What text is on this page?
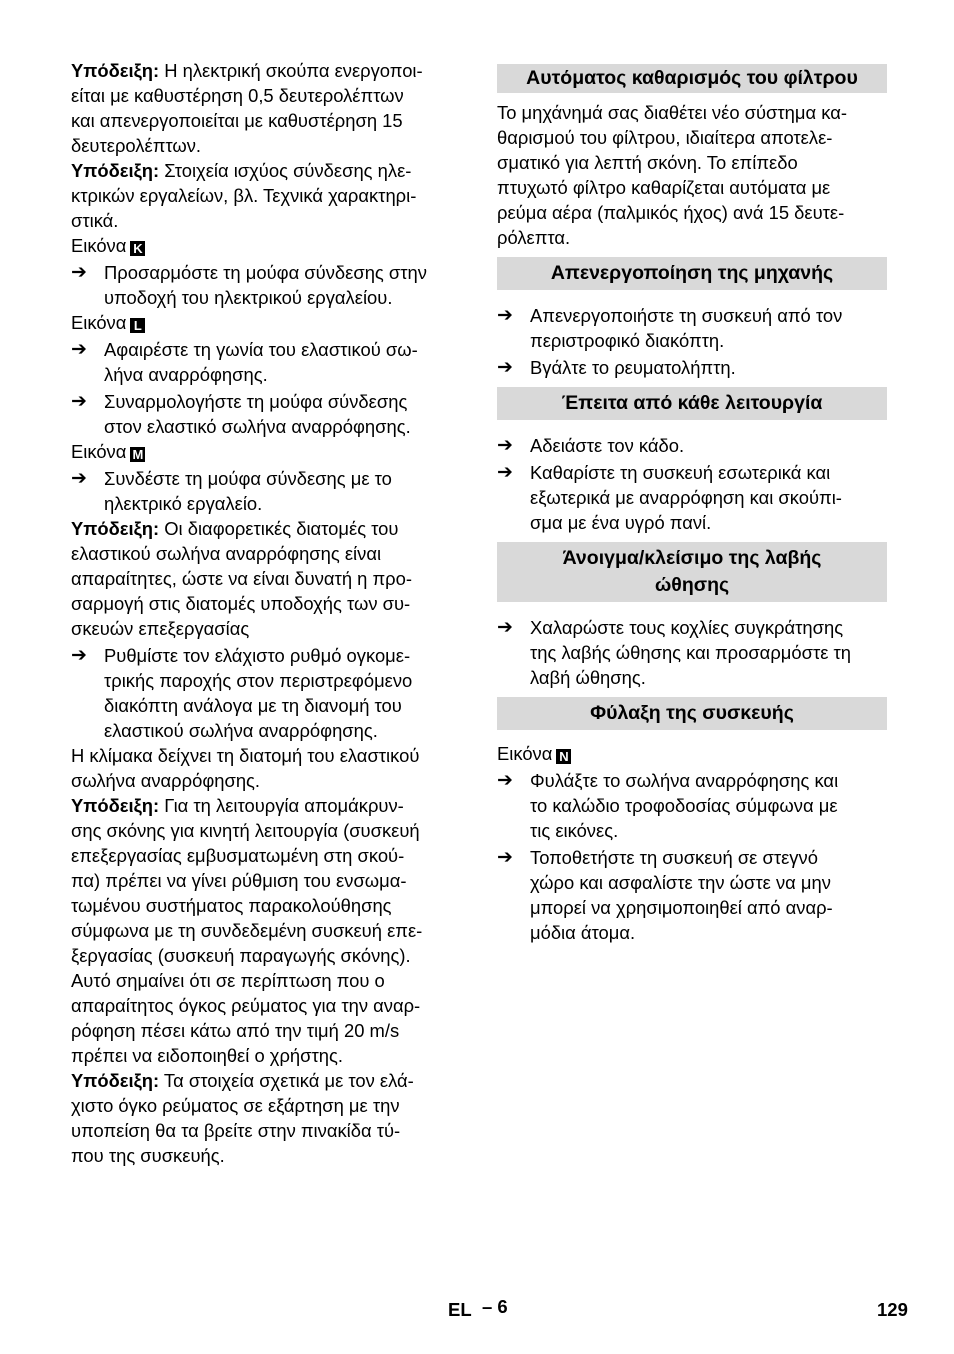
Υπόδειξη: Η ηλεκτρική σκούπα ενεργοποι-
είται με καθυστέρηση 0,5 δευτερολέπτων
και απενεργοποιείται με καθυστέρηση 15
δευτερολέπτων.

Υπόδειξη: Στοιχεία ισχύος σύνδεσης ηλε-
κτρικών εργαλείων, βλ. Τεχνικά χαρακτηρι-
στικά.

Εικόνα K

➔ Προσαρμόστε τη μούφα σύνδεσης στην
υποδοχή του ηλεκτρικού εργαλείου.

Εικόνα L

➔ Αφαιρέστε τη γωνία του ελαστικού σω-
λήνα αναρρόφησης.

➔ Συναρμολογήστε τη μούφα σύνδεσης
στον ελαστικό σωλήνα αναρρόφησης.

Εικόνα M

➔ Συνδέστε τη μούφα σύνδεσης με το
ηλεκτρικό εργαλείο.

Υπόδειξη: Οι διαφορετικές διατομές του
ελαστικού σωλήνα αναρρόφησης είναι
απαραίτητες, ώστε να είναι δυνατή η προ-
σαρμογή στις διατομές υποδοχής των συ-
σκευών επεξεργασίας

➔ Ρυθμίστε τον ελάχιστο ρυθμό ογκομε-
τρικής παροχής στον περιστρεφόμενο
διακόπτη ανάλογα με τη διανομή του
ελαστικού σωλήνα αναρρόφησης.

Η κλίμακα δείχνει τη διατομή του ελαστικού
σωλήνα αναρρόφησης.

Υπόδειξη: Για τη λειτουργία απομάκρυν-
σης σκόνης για κινητή λειτουργία (συσκευή
επεξεργασίας εμβυσματωμένη στη σκού-
πα) πρέπει να γίνει ρύθμιση του ενσωμα-
τωμένου συστήματος παρακολούθησης
σύμφωνα με τη συνδεδεμένη συσκευή επε-
ξεργασίας (συσκευή παραγωγής σκόνης).
Αυτό σημαίνει ότι σε περίπτωση που ο
απαραίτητος όγκος ρεύματος για την αναρ-
ρόφηση πέσει κάτω από την τιμή 20 m/s
πρέπει να ειδοποιηθεί ο χρήστης.

Υπόδειξη: Τα στοιχεία σχετικά με τον ελά-
χιστο όγκο ρεύματος σε εξάρτηση με την
υποπείση θα τα βρείτε στην πινακίδα τύ-
που της συσκευής.

Αυτόματος καθαρισμός του φίλτρου

Το μηχάνημά σας διαθέτει νέο σύστημα κα-
θαρισμού του φίλτρου, ιδιαίτερα αποτελε-
σματικό για λεπτή σκόνη. Το επίπεδο
πτυχωτό φίλτρο καθαρίζεται αυτόματα με
ρεύμα αέρα (παλμικός ήχος) ανά 15 δευτε-
ρόλεπτα.

Απενεργοποίηση της μηχανής
➔ Απενεργοποιήστε τη συσκευή από τον
περιστροφικό διακόπτη.

➔ Βγάλτε το ρευματολήπτη.

Έπειτα από κάθε λειτουργία
➔ Αδειάστε τον κάδο.

➔ Καθαρίστε τη συσκευή εσωτερικά και
εξωτερικά με αναρρόφηση και σκούπι-
σμα με ένα υγρό πανί.

Άνοιγμα/κλείσιμο της λαβής
ώθησης
➔ Χαλαρώστε τους κοχλίες συγκράτησης
της λαβής ώθησης και προσαρμόστε τη
λαβή ώθησης.

Φύλαξη της συσκευής

Εικόνα N

➔ Φυλάξτε το σωλήνα αναρρόφησης και
το καλώδιο τροφοδοσίας σύμφωνα με
τις εικόνες.

➔ Τοποθετήστε τη συσκευή σε στεγνό
χώρο και ασφαλίστε την ώστε να μην
μπορεί να χρησιμοποιηθεί από αναρ-
μόδια άτομα.

EL – 6	129
